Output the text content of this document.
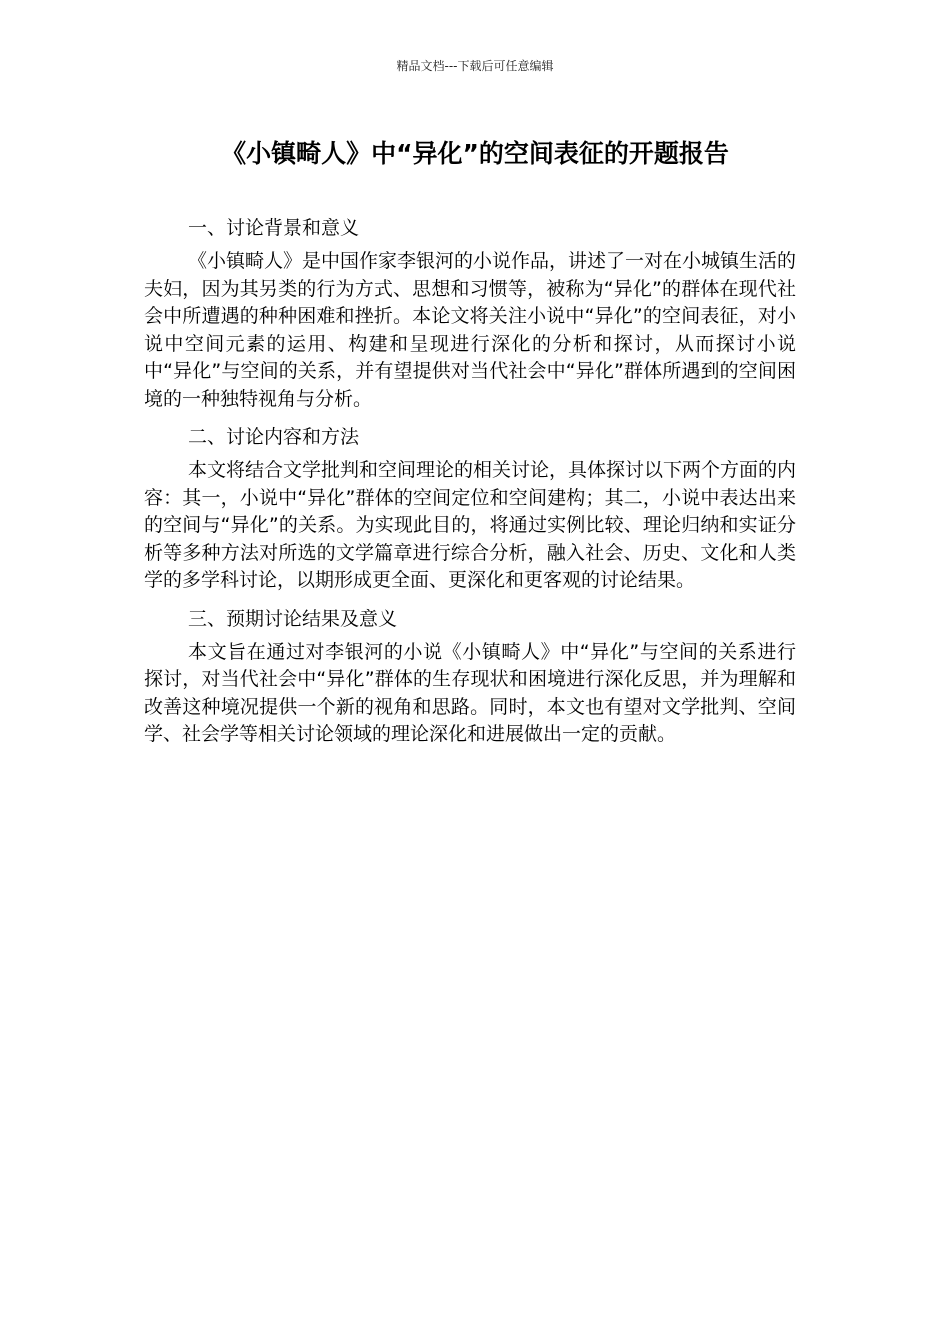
精品文档---下载后可任意编辑
《小镇畸人》中“异化”的空间表征的开题报告
一、讨论背景和意义

《小镇畸人》是中国作家李银河的小说作品，讲述了一对在小城镇生活的夫妇，因为其另类的行为方式、思想和习惯等，被称为“异化”的群体在现代社会中所遭遇的种种困难和挫折。本论文将关注小说中“异化”的空间表征，对小说中空间元素的运用、构建和呈现进行深化的分析和探讨，从而探讨小说中“异化”与空间的关系，并有望提供对当代社会中“异化”群体所遇到的空间困境的一种独特视角与分析。

二、讨论内容和方法

本文将结合文学批判和空间理论的相关讨论，具体探讨以下两个方面的内容：其一，小说中“异化”群体的空间定位和空间建构；其二，小说中表达出来的空间与“异化”的关系。为实现此目的，将通过实例比较、理论归纳和实证分析等多种方法对所选的文学篇章进行综合分析，融入社会、历史、文化和人类学的多学科讨论，以期形成更全面、更深化和更客观的讨论结果。

三、预期讨论结果及意义

本文旨在通过对李银河的小说《小镇畸人》中“异化”与空间的关系进行探讨，对当代社会中“异化”群体的生存现状和困境进行深化反思，并为理解和改善这种境况提供一个新的视角和思路。同时，本文也有望对文学批判、空间学、社会学等相关讨论领域的理论深化和进展做出一定的贡献。
